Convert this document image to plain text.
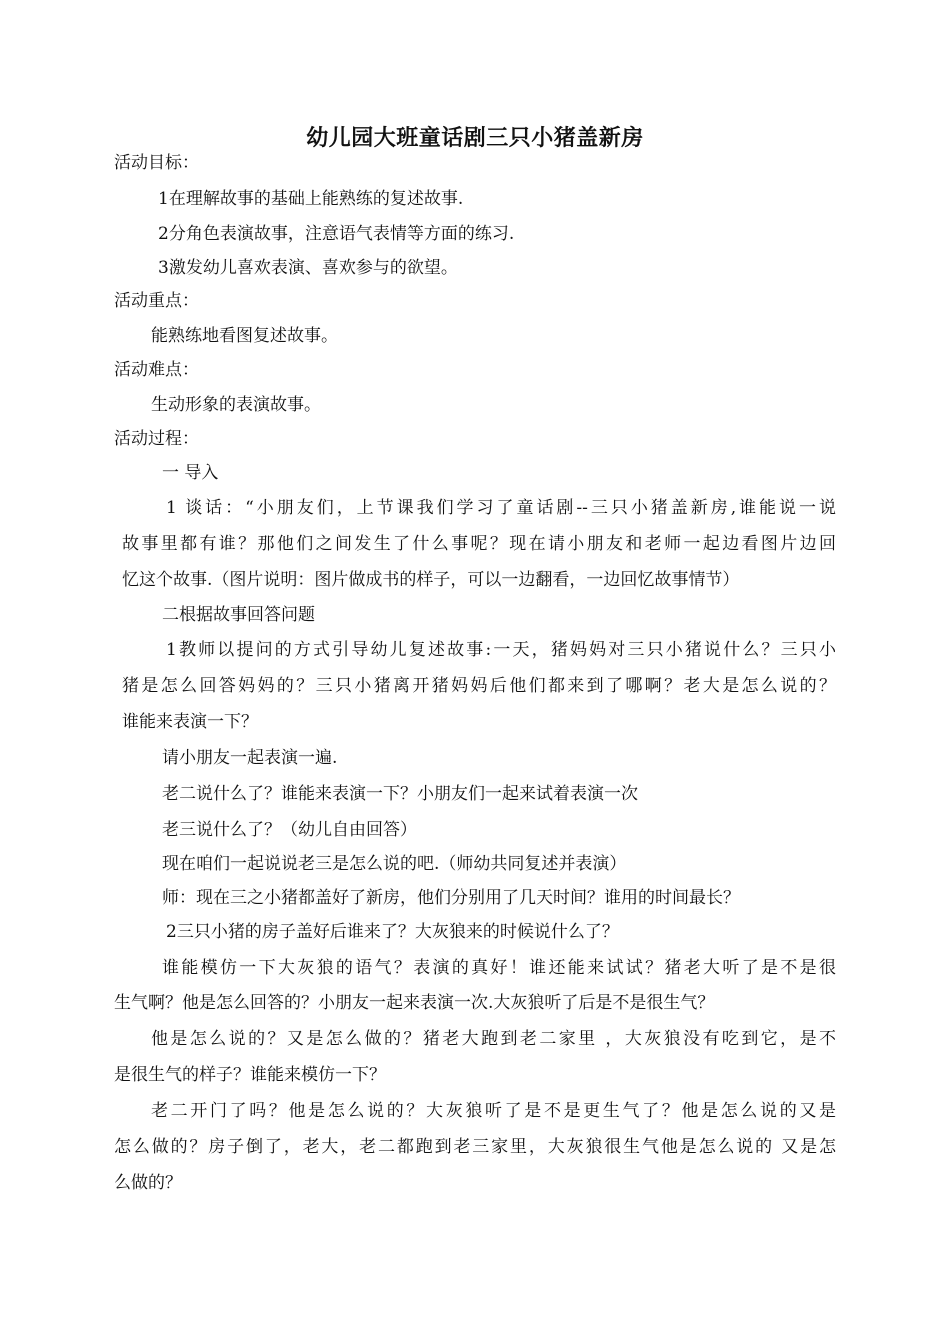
幼儿园大班童话剧三只小猪盖新房
活动目标：
1在理解故事的基础上能熟练的复述故事.
2分角色表演故事，注意语气表情等方面的练习.
3激发幼儿喜欢表演、喜欢参与的欲望。
活动重点：
能熟练地看图复述故事。
活动难点：
生动形象的表演故事。
活动过程：
一 导入
1 谈话：“小朋友们，上节课我们学习了童话剧--三只小猪盖新房,谁能说一说
故事里都有谁？那他们之间发生了什么事呢？现在请小朋友和老师一起边看图片边回
忆这个故事.（图片说明：图片做成书的样子，可以一边翻看，一边回忆故事情节）
二根据故事回答问题
1教师以提问的方式引导幼儿复述故事:一天，猪妈妈对三只小猪说什么？三只小
猪是怎么回答妈妈的？三只小猪离开猪妈妈后他们都来到了哪啊？老大是怎么说的？
谁能来表演一下？
请小朋友一起表演一遍.
老二说什么了？谁能来表演一下？小朋友们一起来试着表演一次
老三说什么了？（幼儿自由回答）
现在咱们一起说说老三是怎么说的吧.（师幼共同复述并表演）
师：现在三之小猪都盖好了新房，他们分别用了几天时间？谁用的时间最长？
2三只小猪的房子盖好后谁来了？大灰狼来的时候说什么了？
谁能模仿一下大灰狼的语气？表演的真好！谁还能来试试？猪老大听了是不是很
生气啊？他是怎么回答的？小朋友一起来表演一次.大灰狼听了后是不是很生气？
他是怎么说的？又是怎么做的？猪老大跑到老二家里 ，大灰狼没有吃到它，是不
是很生气的样子？谁能来模仿一下？
老二开门了吗？他是怎么说的？大灰狼听了是不是更生气了？他是怎么说的又是
怎么做的？房子倒了，老大，老二都跑到老三家里，大灰狼很生气他是怎么说的 又是怎
么做的？
